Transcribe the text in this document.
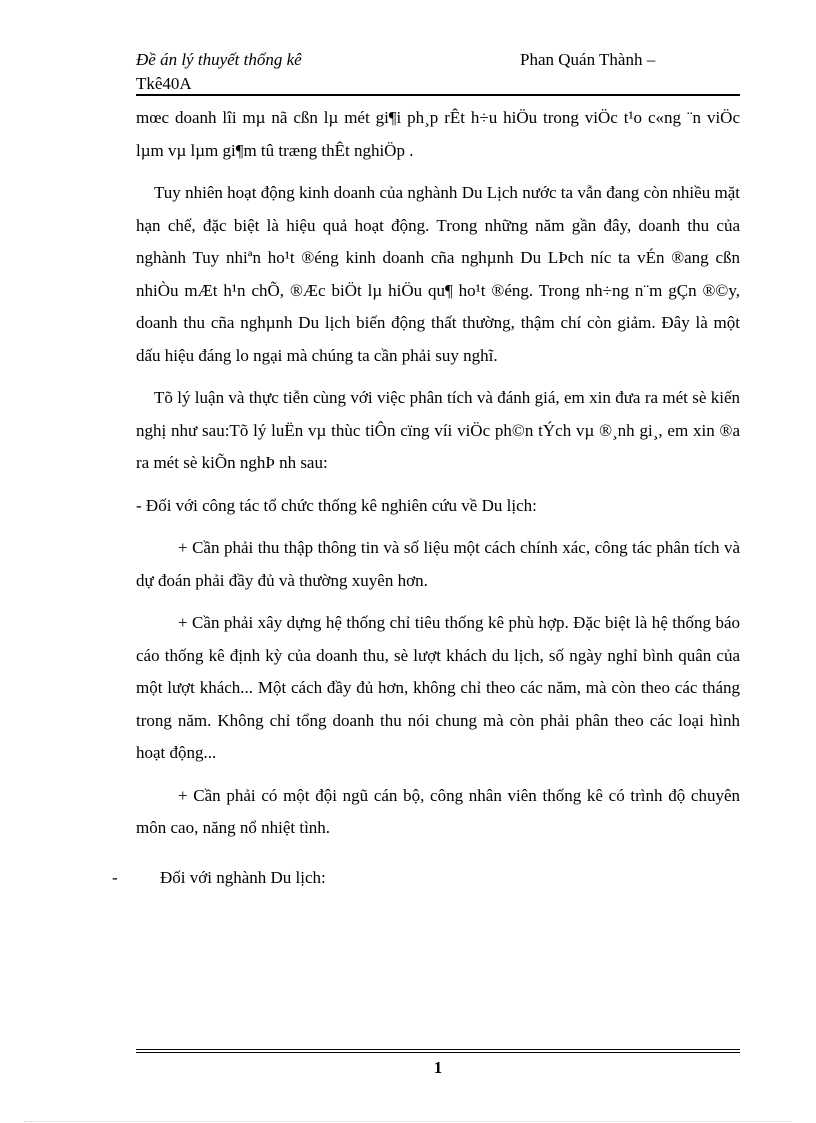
Đề án lý thuyết thống kê	Phan Quán Thành –
Tkê40A

mœc doanh lîi mµ nã cßn lµ mét gi¶i ph¸p rÊt h÷u hiÖu trong viÖc t¹o c«ng ¨n viÖc lµm vµ lµm gi¶m tû træng thÊt nghiÖp .

Tuy nhiên hoạt động kinh doanh của nghành Du Lịch nước ta vẫn đang còn nhiều mặt hạn chế, đặc biệt là hiệu quả hoạt động. Trong những năm gần đây, doanh thu của nghành Tuy nhiªn ho¹t ®éng kinh doanh cña nghµnh Du LÞch níc ta vÉn ®ang cßn nhiÒu mÆt h¹n chÕ, ®Æc biÖt lµ hiÖu qu¶ ho¹t ®éng. Trong nh÷ng n¨m gÇn ®©y, doanh thu cña nghµnh Du lịch biến động thất thường, thậm chí còn giảm. Đây là một dấu hiệu đáng lo ngại mà chúng ta cần phải suy nghĩ.

Tõ lý luận và thực tiễn cùng với việc phân tích và đánh giá, em xin đưa ra mét sè kiến nghị như sau:Tõ lý luËn vµ thùc tiÔn cïng víi viÖc ph©n tÝch vµ ®¸nh gi¸, em xin ®a ra mét sè kiÕn nghÞ nh sau:

- Đối với công tác tổ chức thống kê nghiên cứu về Du lịch:

+ Cần phải thu thập thông tin và số liệu một cách chính xác, công tác phân tích và dự đoán phải đầy đủ và thường xuyên hơn.

+ Cần phải xây dựng hệ thống chỉ tiêu thống kê phù hợp. Đặc biệt là hệ thống báo cáo thống kê định kỳ của doanh thu, sè lượt khách du lịch, số ngày nghỉ bình quân của một lượt khách... Một cách đầy đủ hơn, không chỉ theo các năm, mà còn theo các tháng trong năm. Không chỉ tổng doanh thu nói chung mà còn phải phân theo các loại hình hoạt động...

+ Cần phải có một đội ngũ cán bộ, công nhân viên thống kê có trình độ chuyên môn cao, năng nổ nhiệt tình.

- Đối với nghành Du lịch:
1
